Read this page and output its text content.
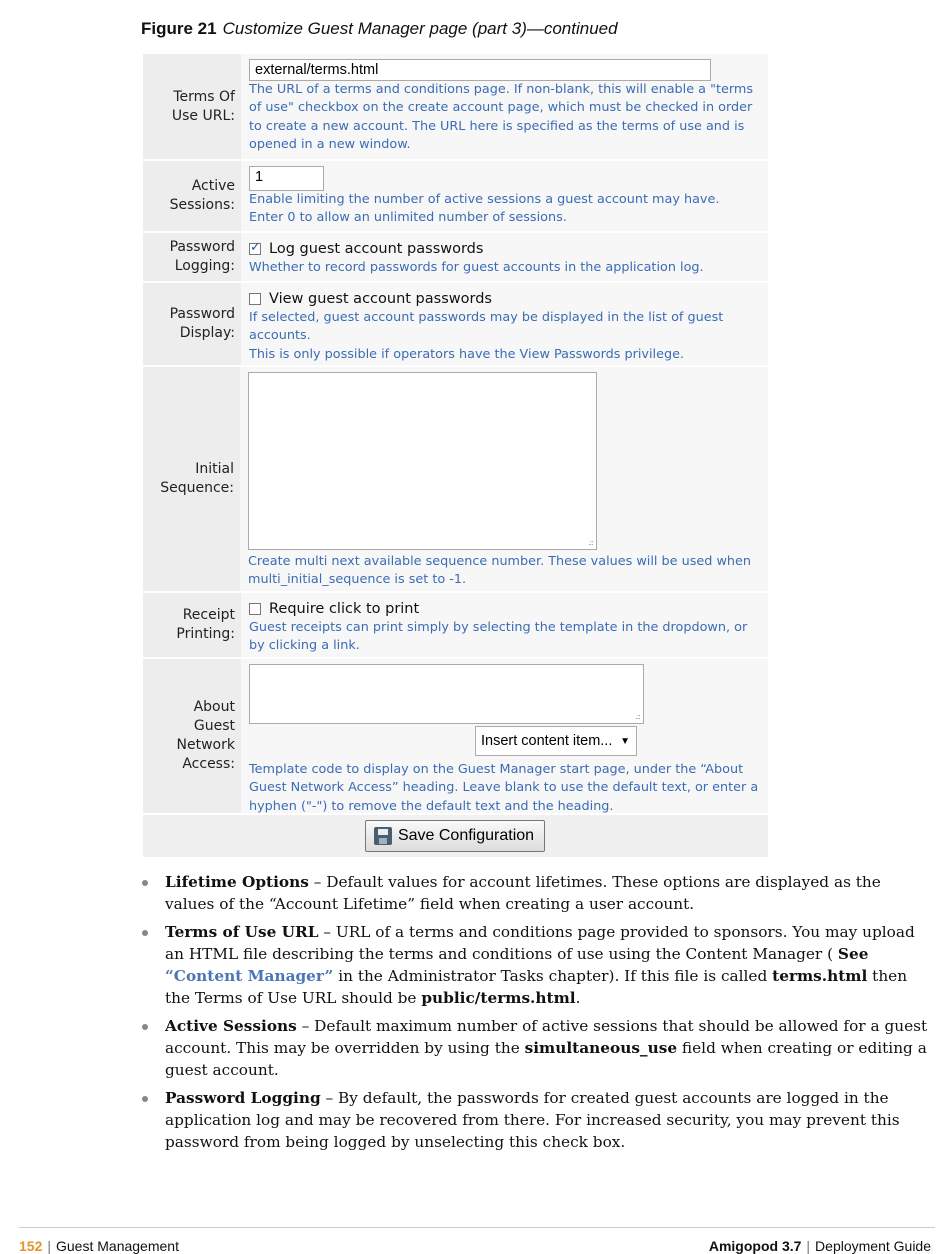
Figure 21 Customize Guest Manager page (part 3)—continued
Terms Of Use URL:
external/terms.html
The URL of a terms and conditions page. If non-blank, this will enable a "terms of use" checkbox on the create account page, which must be checked in order to create a new account. The URL here is specified as the terms of use and is opened in a new window.
Active Sessions:
1
Enable limiting the number of active sessions a guest account may have.
Enter 0 to allow an unlimited number of sessions.
Password Logging:
✓
Log guest account passwords
Whether to record passwords for guest accounts in the application log.
Password Display:
View guest account passwords
If selected, guest account passwords may be displayed in the list of guest accounts.
This is only possible if operators have the View Passwords privilege.
Initial Sequence:
.::
Create multi next available sequence number. These values will be used when multi_initial_sequence is set to -1.
Receipt Printing:
Require click to print
Guest receipts can print simply by selecting the template in the dropdown, or by clicking a link.
About Guest Network Access:
.::
Insert content item... ▼
Template code to display on the Guest Manager start page, under the “About Guest Network Access” heading. Leave blank to use the default text, or enter a hyphen ("-") to remove the default text and the heading.
Save Configuration
Lifetime Options – Default values for account lifetimes. These options are displayed as the values of the “Account Lifetime” field when creating a user account.
Terms of Use URL – URL of a terms and conditions page provided to sponsors. You may upload an HTML file describing the terms and conditions of use using the Content Manager ( See “Content Manager” in the Administrator Tasks chapter). If this file is called terms.html then the Terms of Use URL should be public/terms.html.
Active Sessions – Default maximum number of active sessions that should be allowed for a guest account. This may be overridden by using the simultaneous_use field when creating or editing a guest account.
Password Logging – By default, the passwords for created guest accounts are logged in the application log and may be recovered from there. For increased security, you may prevent this password from being logged by unselecting this check box.
152 | Guest Management	Amigopod 3.7 | Deployment Guide
